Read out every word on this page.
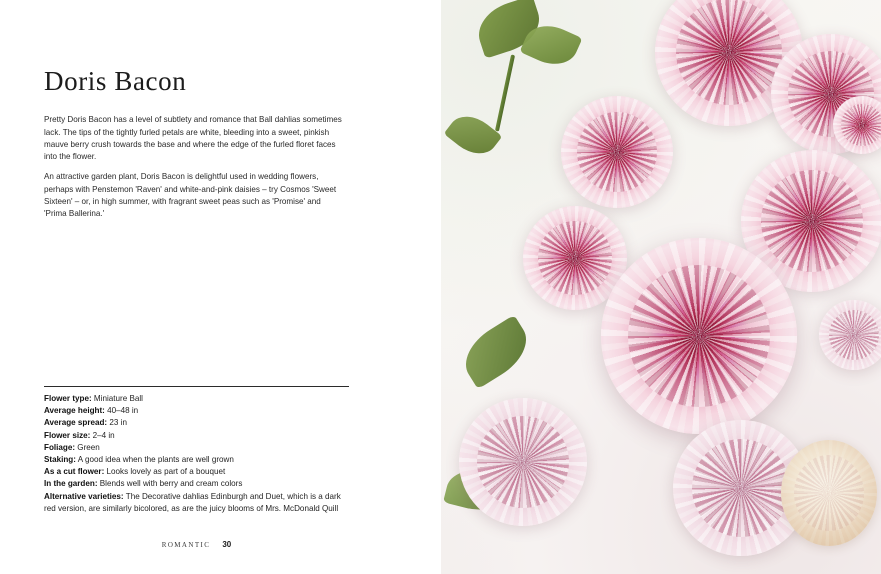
Doris Bacon

Pretty Doris Bacon has a level of subtlety and romance that Ball dahlias sometimes lack. The tips of the tightly furled petals are white, bleeding into a sweet, pinkish mauve berry crush towards the base and where the edge of the furled floret faces into the flower.

An attractive garden plant, Doris Bacon is delightful used in wedding flowers, perhaps with Penstemon 'Raven' and white-and-pink daisies – try Cosmos 'Sweet Sixteen' – or, in high summer, with fragrant sweet peas such as 'Promise' and 'Prima Ballerina.'

Flower type: Miniature Ball
Average height: 40–48 in
Average spread: 23 in
Flower size: 2–4 in
Foliage: Green
Staking: A good idea when the plants are well grown
As a cut flower: Looks lovely as part of a bouquet
In the garden: Blends well with berry and cream colors
Alternative varieties: The Decorative dahlias Edinburgh and Duet, which is a dark red version, are similarly bicolored, as are the juicy blooms of Mrs. McDonald Quill
ROMANTIC 30
